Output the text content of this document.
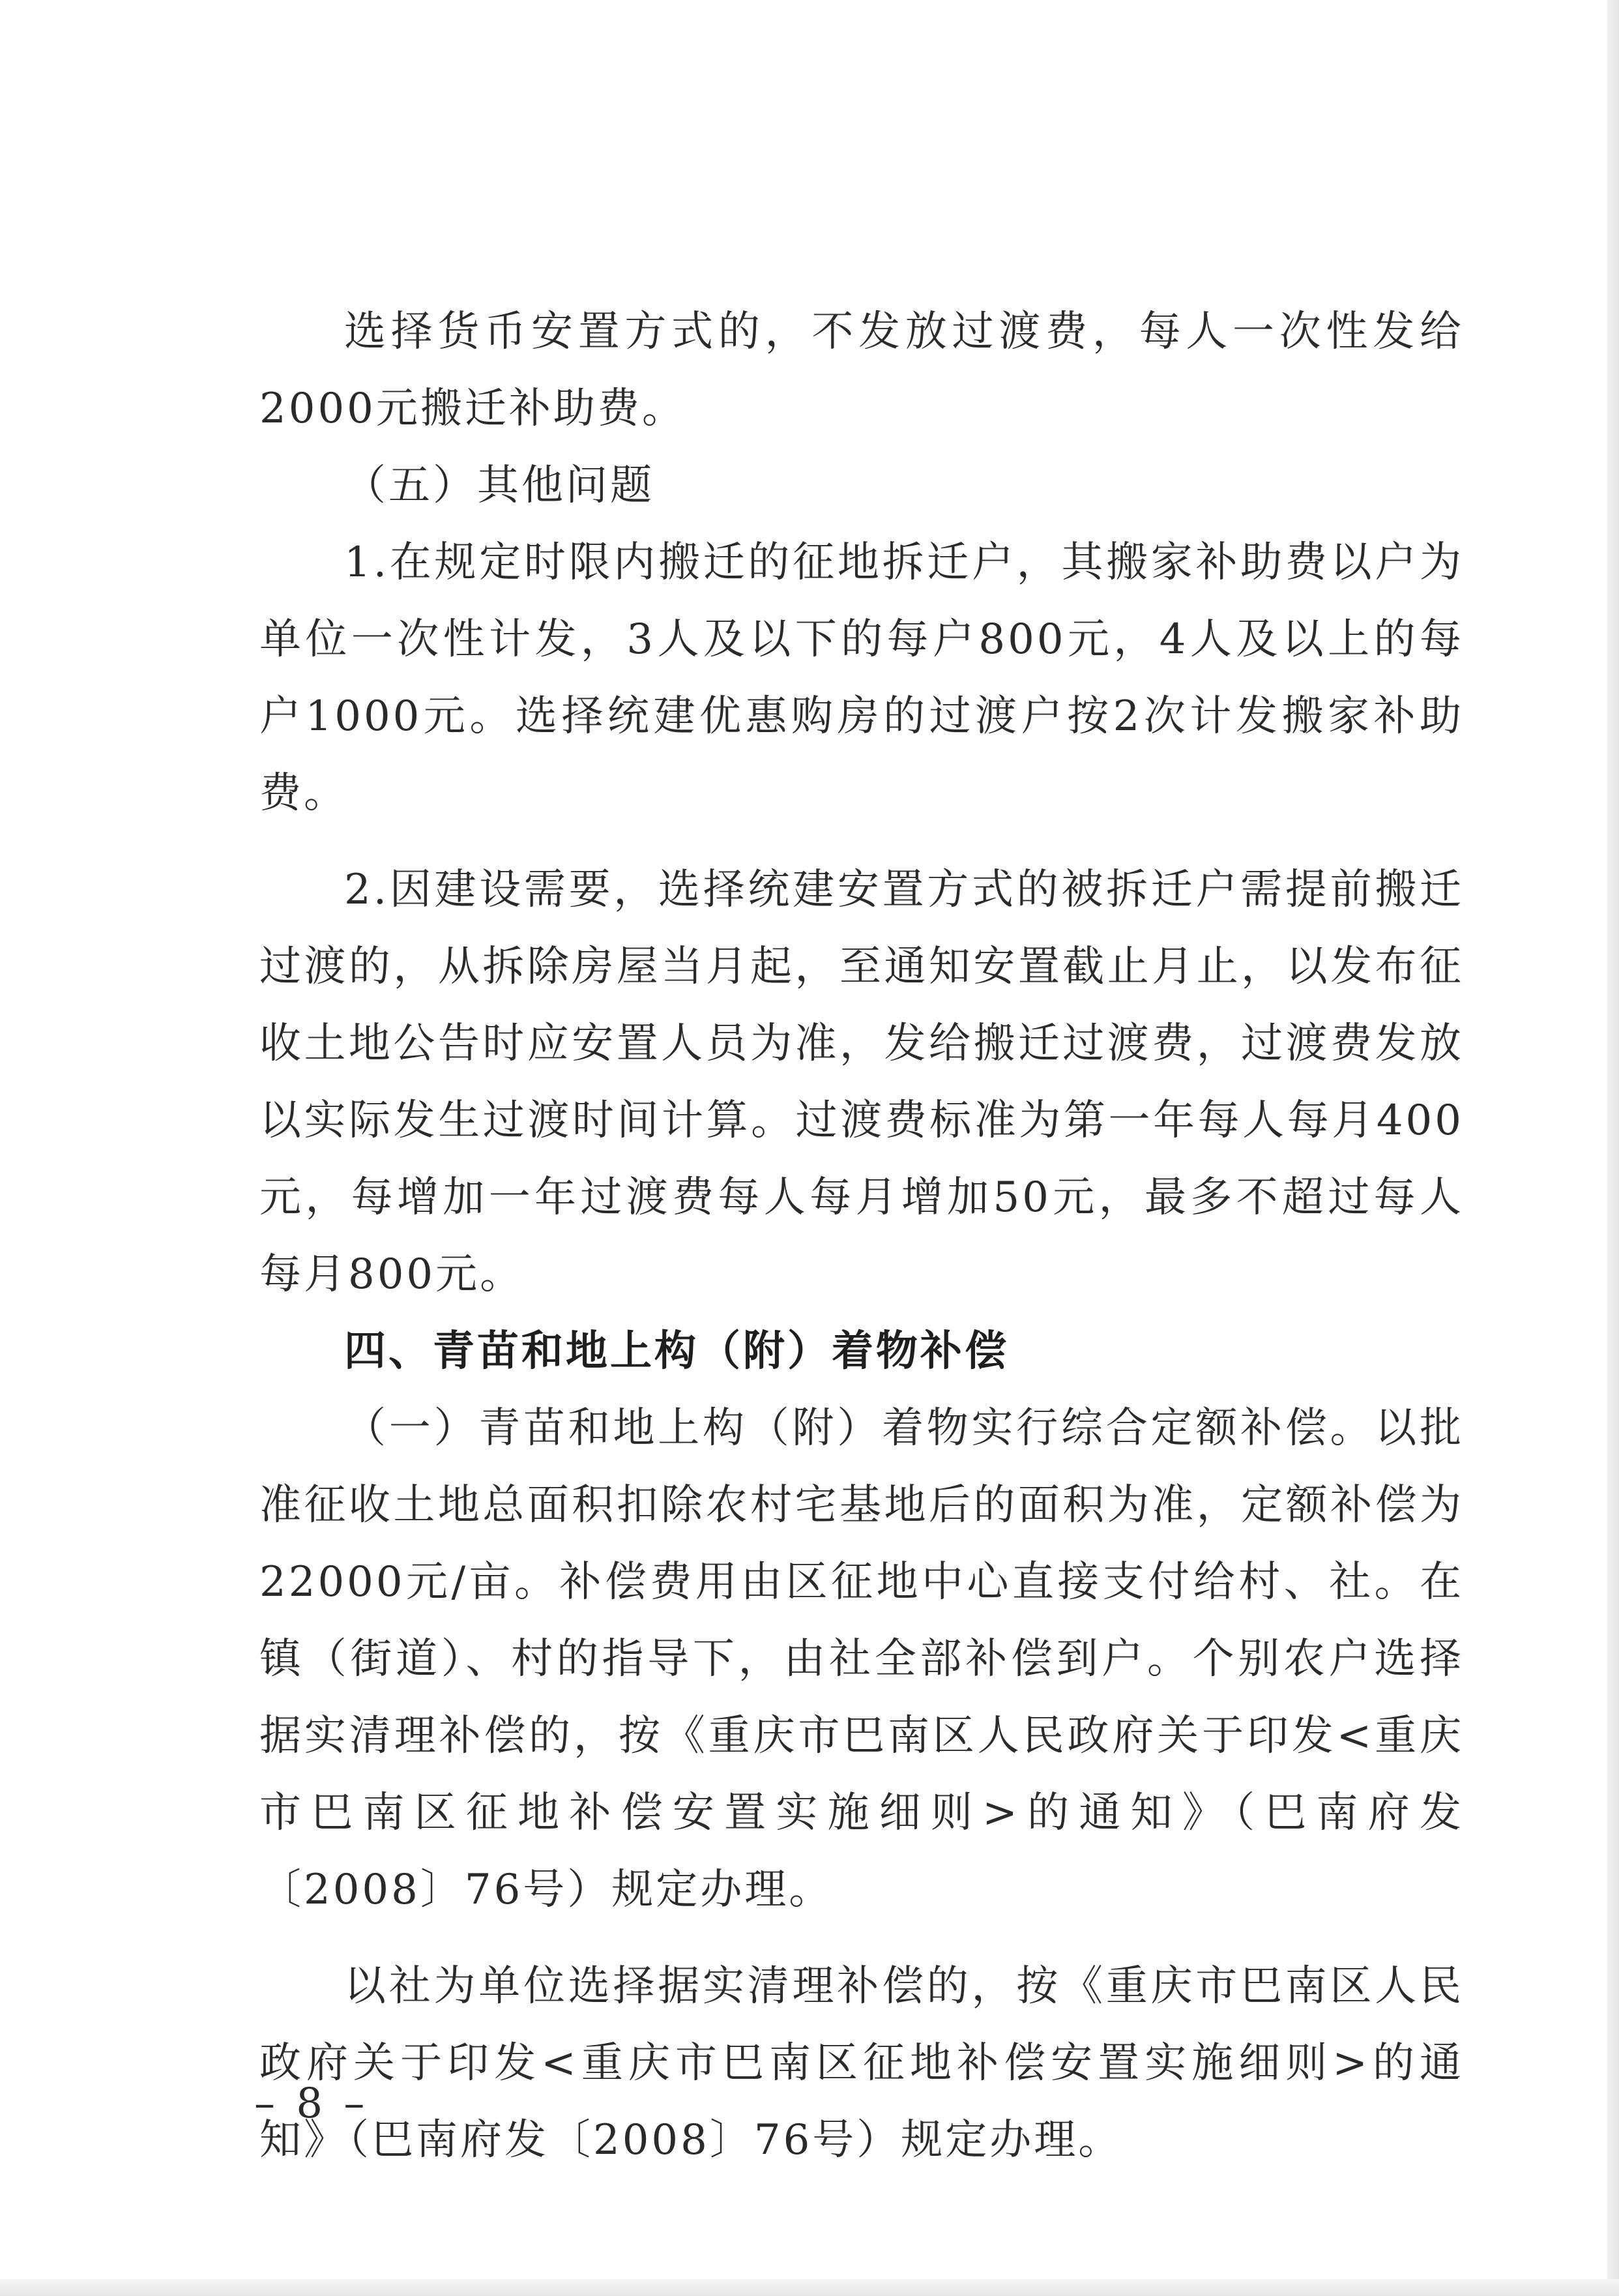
选择货币安置方式的，不发放过渡费，每人一次性发给2000元搬迁补助费。

（五）其他问题

1.在规定时限内搬迁的征地拆迁户，其搬家补助费以户为单位一次性计发，3人及以下的每户800元，4人及以上的每户1000元。选择统建优惠购房的过渡户按2次计发搬家补助费。

2.因建设需要，选择统建安置方式的被拆迁户需提前搬迁过渡的，从拆除房屋当月起，至通知安置截止月止，以发布征收土地公告时应安置人员为准，发给搬迁过渡费，过渡费发放以实际发生过渡时间计算。过渡费标准为第一年每人每月400元，每增加一年过渡费每人每月增加50元，最多不超过每人每月800元。

四、青苗和地上构（附）着物补偿

（一）青苗和地上构（附）着物实行综合定额补偿。以批准征收土地总面积扣除农村宅基地后的面积为准，定额补偿为22000元/亩。补偿费用由区征地中心直接支付给村、社。在镇（街道）、村的指导下，由社全部补偿到户。个别农户选择据实清理补偿的，按《重庆市巴南区人民政府关于印发<重庆市巴南区征地补偿安置实施细则>的通知》（巴南府发〔2008〕76号）规定办理。

以社为单位选择据实清理补偿的，按《重庆市巴南区人民政府关于印发<重庆市巴南区征地补偿安置实施细则>的通知》（巴南府发〔2008〕76号）规定办理。

– 8 –
